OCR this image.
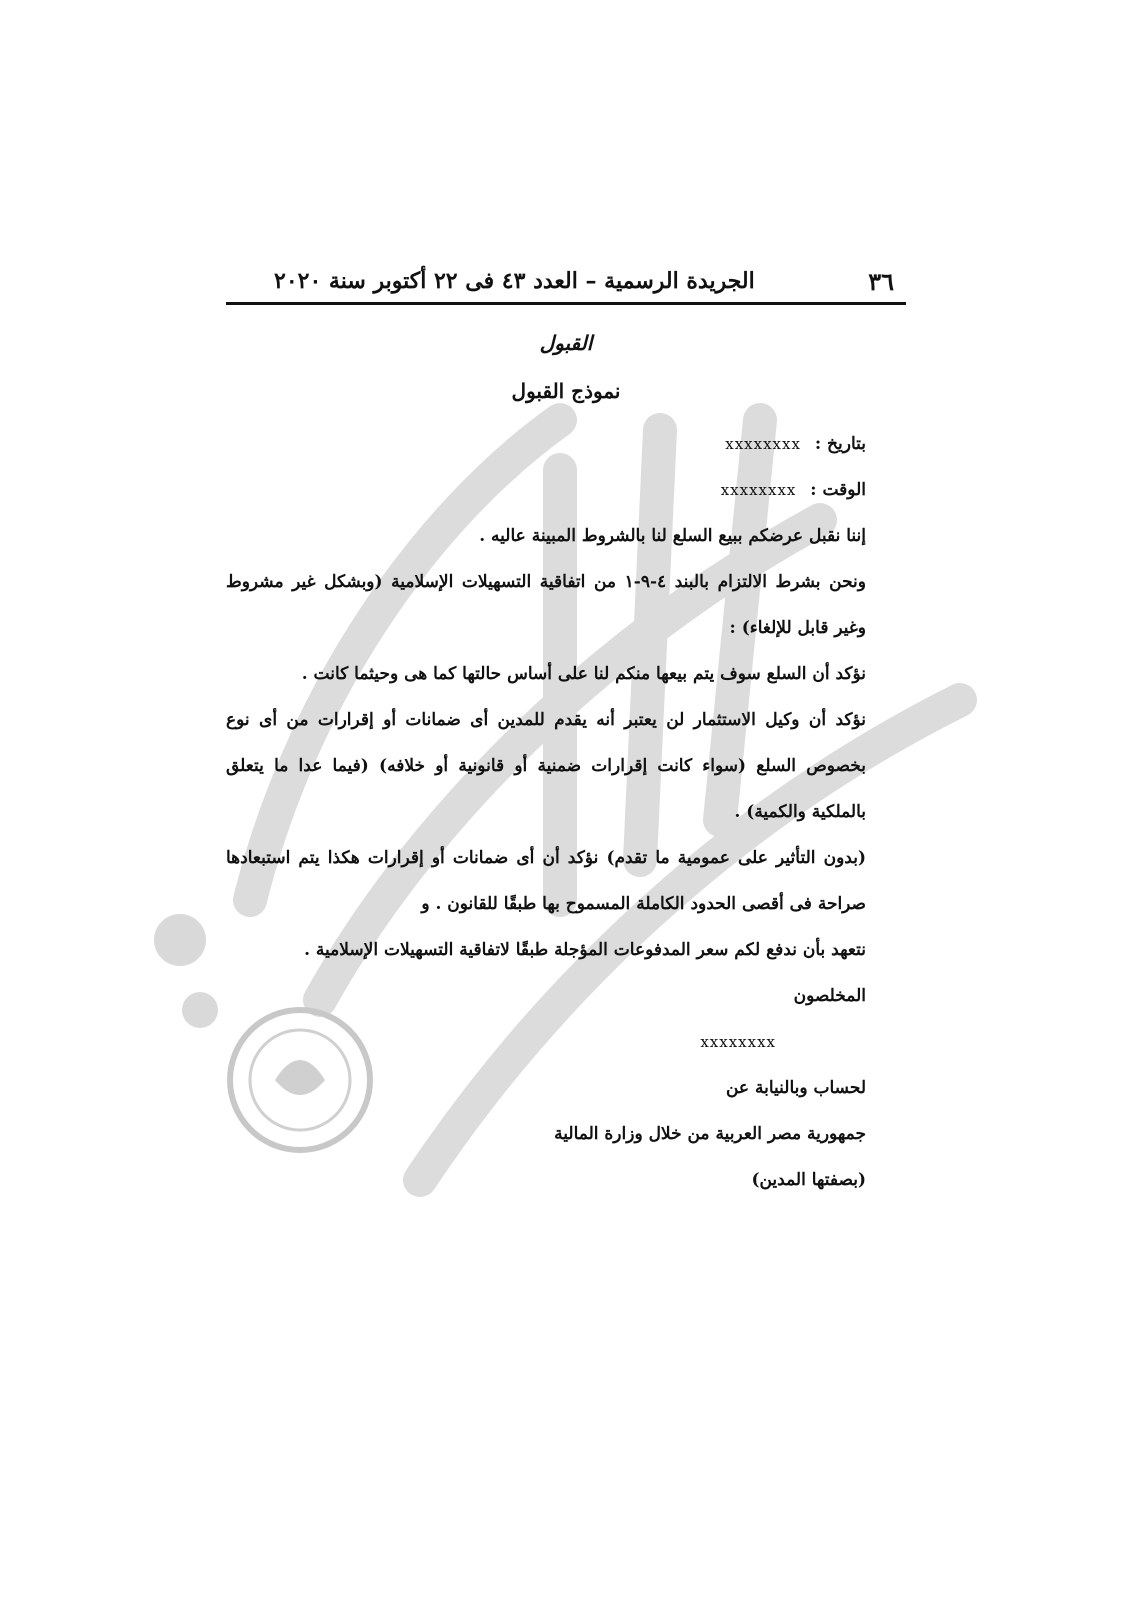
٣٦
الجريدة الرسمية – العدد ٤٣ فى ٢٢ أكتوبر سنة ٢٠٢٠
القبول
نموذج القبول
بتاريخ : xxxxxxxx
الوقت : xxxxxxxx

إننا نقبل عرضكم ببيع السلع لنا بالشروط المبينة عاليه .

ونحن بشرط الالتزام بالبند ٤-٩-١ من اتفاقية التسهيلات الإسلامية (وبشكل غير مشروط وغير قابل للإلغاء) :

نؤكد أن السلع سوف يتم بيعها منكم لنا على أساس حالتها كما هى وحيثما كانت .

نؤكد أن وكيل الاستثمار لن يعتبر أنه يقدم للمدين أى ضمانات أو إقرارات من أى نوع بخصوص السلع (سواء كانت إقرارات ضمنية أو قانونية أو خلافه) (فيما عدا ما يتعلق بالملكية والكمية) .

(بدون التأثير على عمومية ما تقدم) نؤكد أن أى ضمانات أو إقرارات هكذا يتم استبعادها صراحة فى أقصى الحدود الكاملة المسموح بها طبقًا للقانون . و

نتعهد بأن ندفع لكم سعر المدفوعات المؤجلة طبقًا لاتفاقية التسهيلات الإسلامية .

المخلصون
xxxxxxxx
لحساب وبالنيابة عن
جمهورية مصر العربية من خلال وزارة المالية
(بصفتها المدين)
